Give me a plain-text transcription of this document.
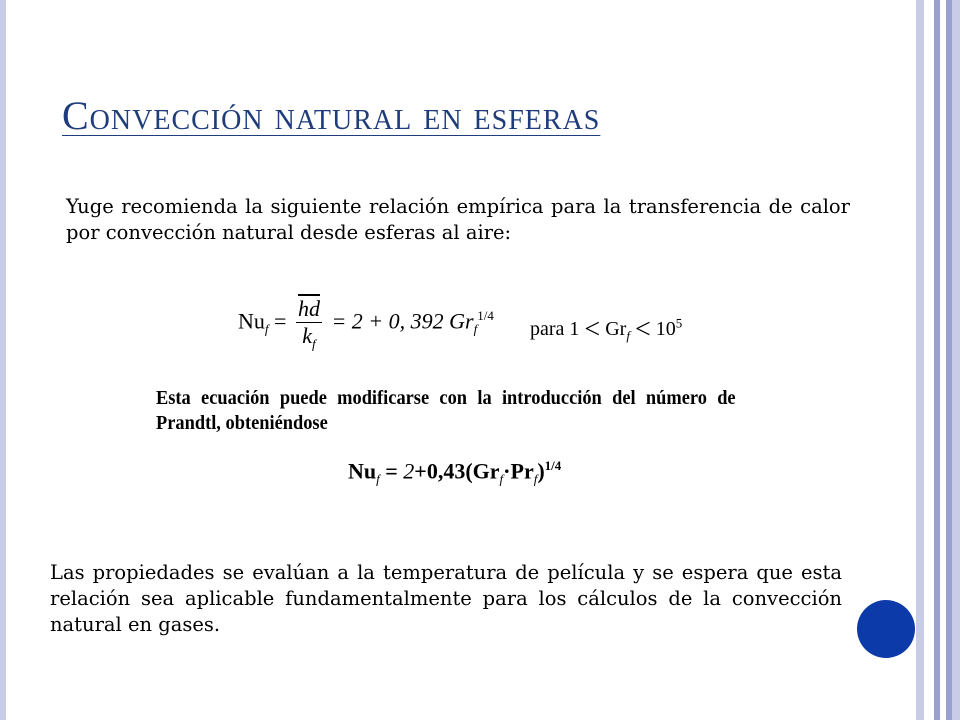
Convección natural en esferas

Yuge recomienda la siguiente relación empírica para la transferencia de calor por convección natural desde esferas al aire:

$Nu_f = \frac{hd}{k_f} = 2 + 0$, 392 $Gr_f^{1/4}$
para $1 < Gr_f < 10^5$

Esta ecuación puede modificarse con la introducción del número de

Prandtl, obteniéndose
$Nu_f = 2+0,43(Gr_f\cdot Pr_f)^{1/4}$

Las propiedades se evalúan a la temperatura de película y se espera que esta relación sea aplicable fundamentalmente para los cálculos de la convección natural en gases.
